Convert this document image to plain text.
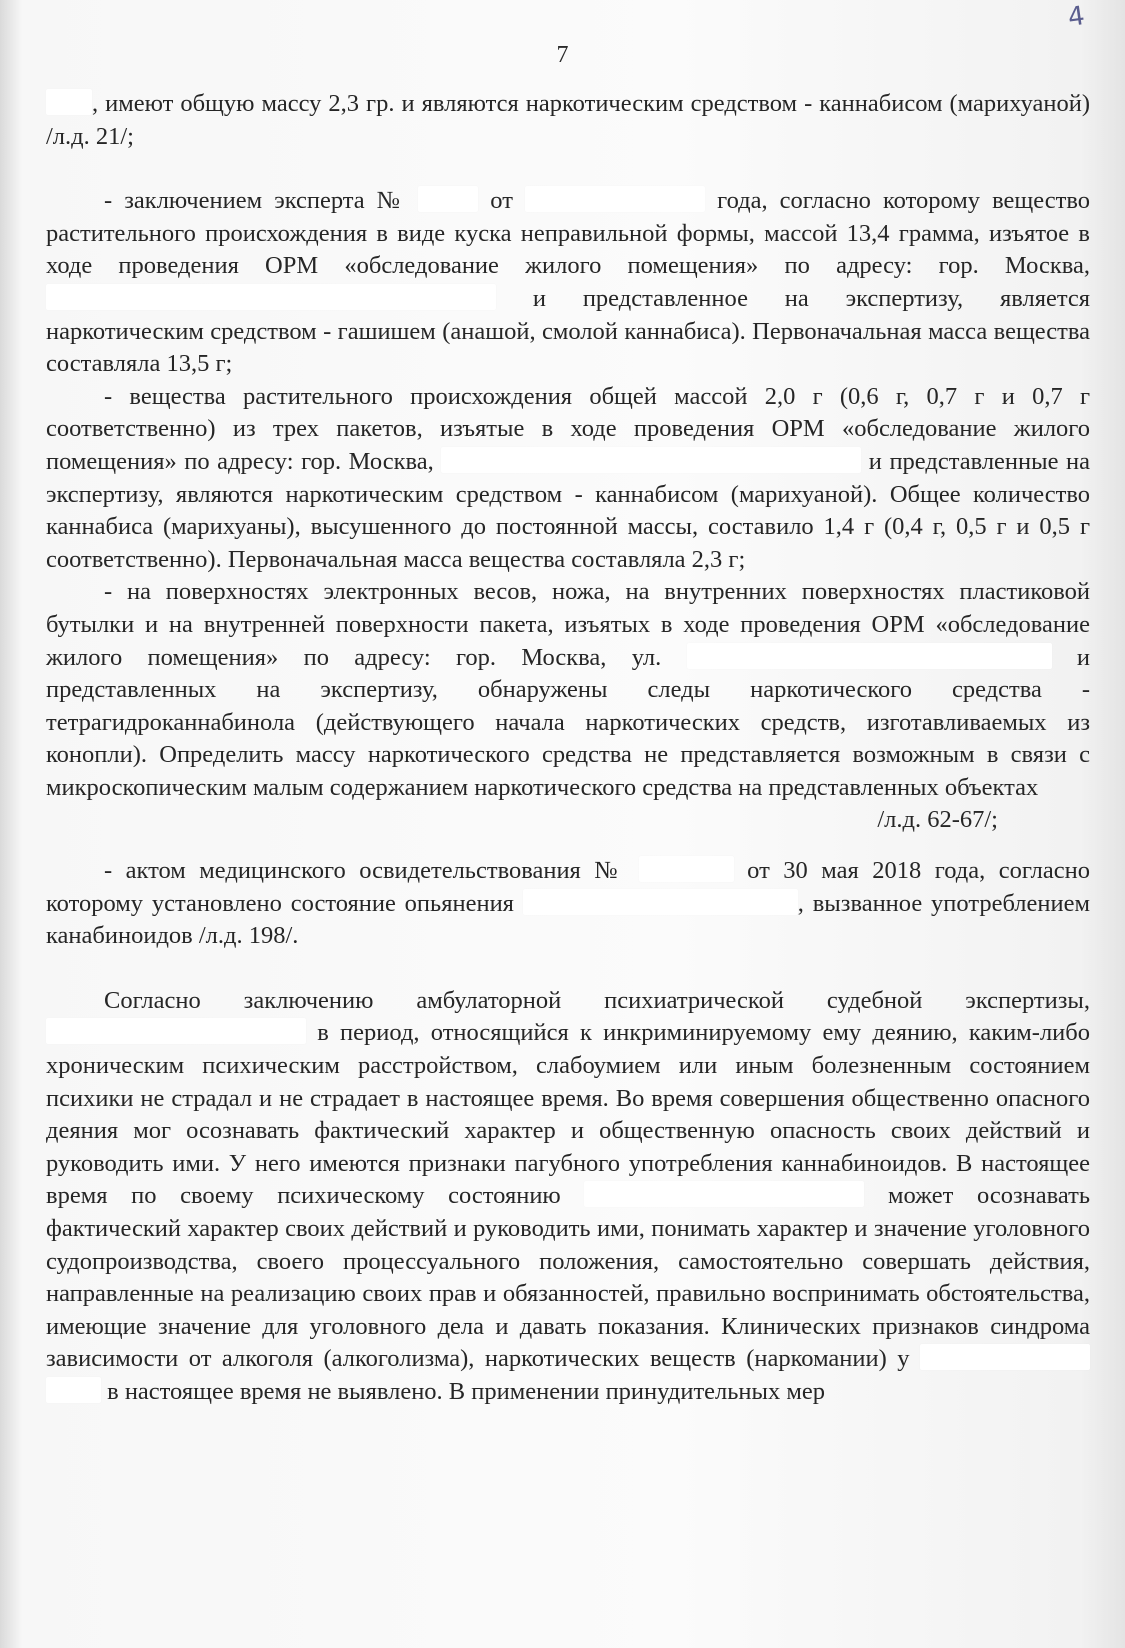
4
7

, имеют общую массу 2,3 гр. и являются наркотическим средством - каннабисом (марихуаной) /л.д. 21/;

- заключением эксперта №	от	года, согласно которому вещество растительного происхождения в виде куска неправильной формы, массой 13,4 грамма, изъятое в ходе проведения ОРМ «обследование жилого помещения» по адресу: гор. Москва,  и представленное на экспертизу, является наркотическим средством - гашишем (анашой, смолой каннабиса). Первоначальная масса вещества составляла 13,5 г;

- вещества растительного происхождения общей массой 2,0 г (0,6 г, 0,7 г и 0,7 г соответственно) из трех пакетов, изъятые в ходе проведения ОРМ «обследование жилого помещения» по адресу: гор. Москва,	и представленные на экспертизу, являются наркотическим средством - каннабисом (марихуаной). Общее количество каннабиса (марихуаны), высушенного до постоянной массы, составило 1,4 г (0,4 г, 0,5 г и 0,5 г соответственно). Первоначальная масса вещества составляла 2,3 г;

- на поверхностях электронных весов, ножа, на внутренних поверхностях пластиковой бутылки и на внутренней поверхности пакета, изъятых в ходе проведения ОРМ «обследование жилого помещения» по адресу: гор. Москва, ул.	и представленных на экспертизу, обнаружены следы наркотического средства - тетрагидроканнабинола (действующего начала наркотических средств, изготавливаемых из конопли). Определить массу наркотического средства не представляется возможным в связи с микроскопическим малым содержанием наркотического средства на представленных объектах

/л.д. 62-67/;

- актом медицинского освидетельствования №	от 30 мая 2018 года, согласно которому установлено состояние опьянения	, вызванное употреблением канабиноидов /л.д. 198/.

Согласно заключению амбулаторной психиатрической судебной экспертизы,  в период, относящийся к инкриминируемому ему деянию, каким-либо хроническим психическим расстройством, слабоумием или иным болезненным состоянием психики не страдал и не страдает в настоящее время. Во время совершения общественно опасного деяния мог осознавать фактический характер и общественную опасность своих действий и руководить ими. У него имеются признаки пагубного употребления каннабиноидов. В настоящее время по своему психическому состоянию	может осознавать фактический характер своих действий и руководить ими, понимать характер и значение уголовного судопроизводства, своего процессуального положения, самостоятельно совершать действия, направленные на реализацию своих прав и обязанностей, правильно воспринимать обстоятельства, имеющие значение для уголовного дела и давать показания. Клинических признаков синдрома зависимости от алкоголя (алкоголизма), наркотических веществ (наркомании) у   в настоящее время не выявлено. В применении принудительных мер
